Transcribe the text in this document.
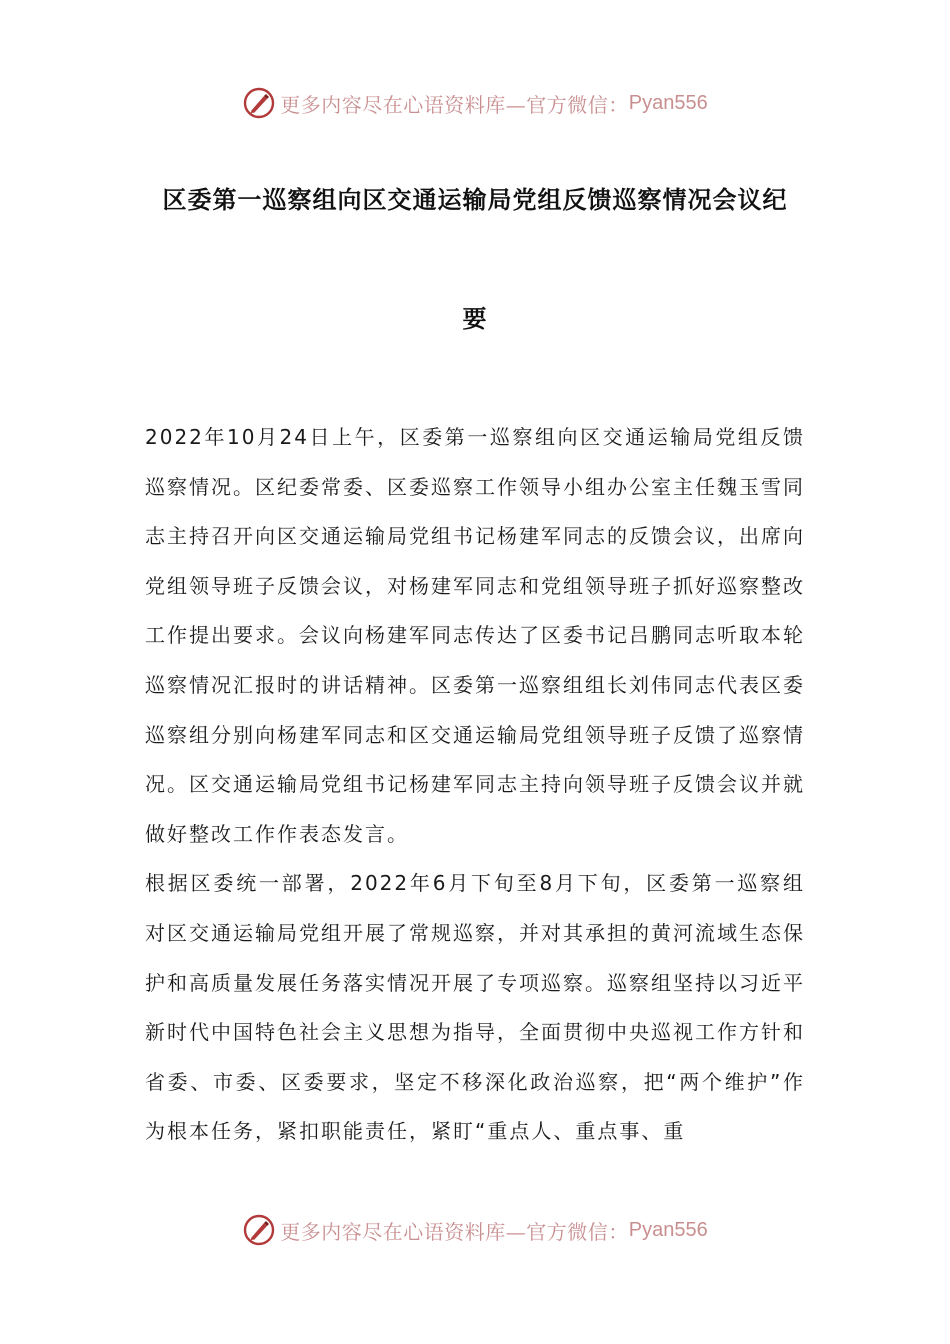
更多内容尽在心语资料库—官方微信： Pyan556
区委第一巡察组向区交通运输局党组反馈巡察情况会议纪
要

2022年10月24日上午，区委第一巡察组向区交通运输局党组反馈巡察情况。区纪委常委、区委巡察工作领导小组办公室主任魏玉雪同志主持召开向区交通运输局党组书记杨建军同志的反馈会议，出席向党组领导班子反馈会议，对杨建军同志和党组领导班子抓好巡察整改工作提出要求。会议向杨建军同志传达了区委书记吕鹏同志听取本轮巡察情况汇报时的讲话精神。区委第一巡察组组长刘伟同志代表区委巡察组分别向杨建军同志和区交通运输局党组领导班子反馈了巡察情况。区交通运输局党组书记杨建军同志主持向领导班子反馈会议并就做好整改工作作表态发言。

根据区委统一部署，2022年6月下旬至8月下旬，区委第一巡察组对区交通运输局党组开展了常规巡察，并对其承担的黄河流域生态保护和高质量发展任务落实情况开展了专项巡察。巡察组坚持以习近平新时代中国特色社会主义思想为指导，全面贯彻中央巡视工作方针和省委、市委、区委要求，坚定不移深化政治巡察，把“两个维护”作为根本任务，紧扣职能责任，紧盯“重点人、重点事、重

更多内容尽在心语资料库—官方微信： Pyan556
